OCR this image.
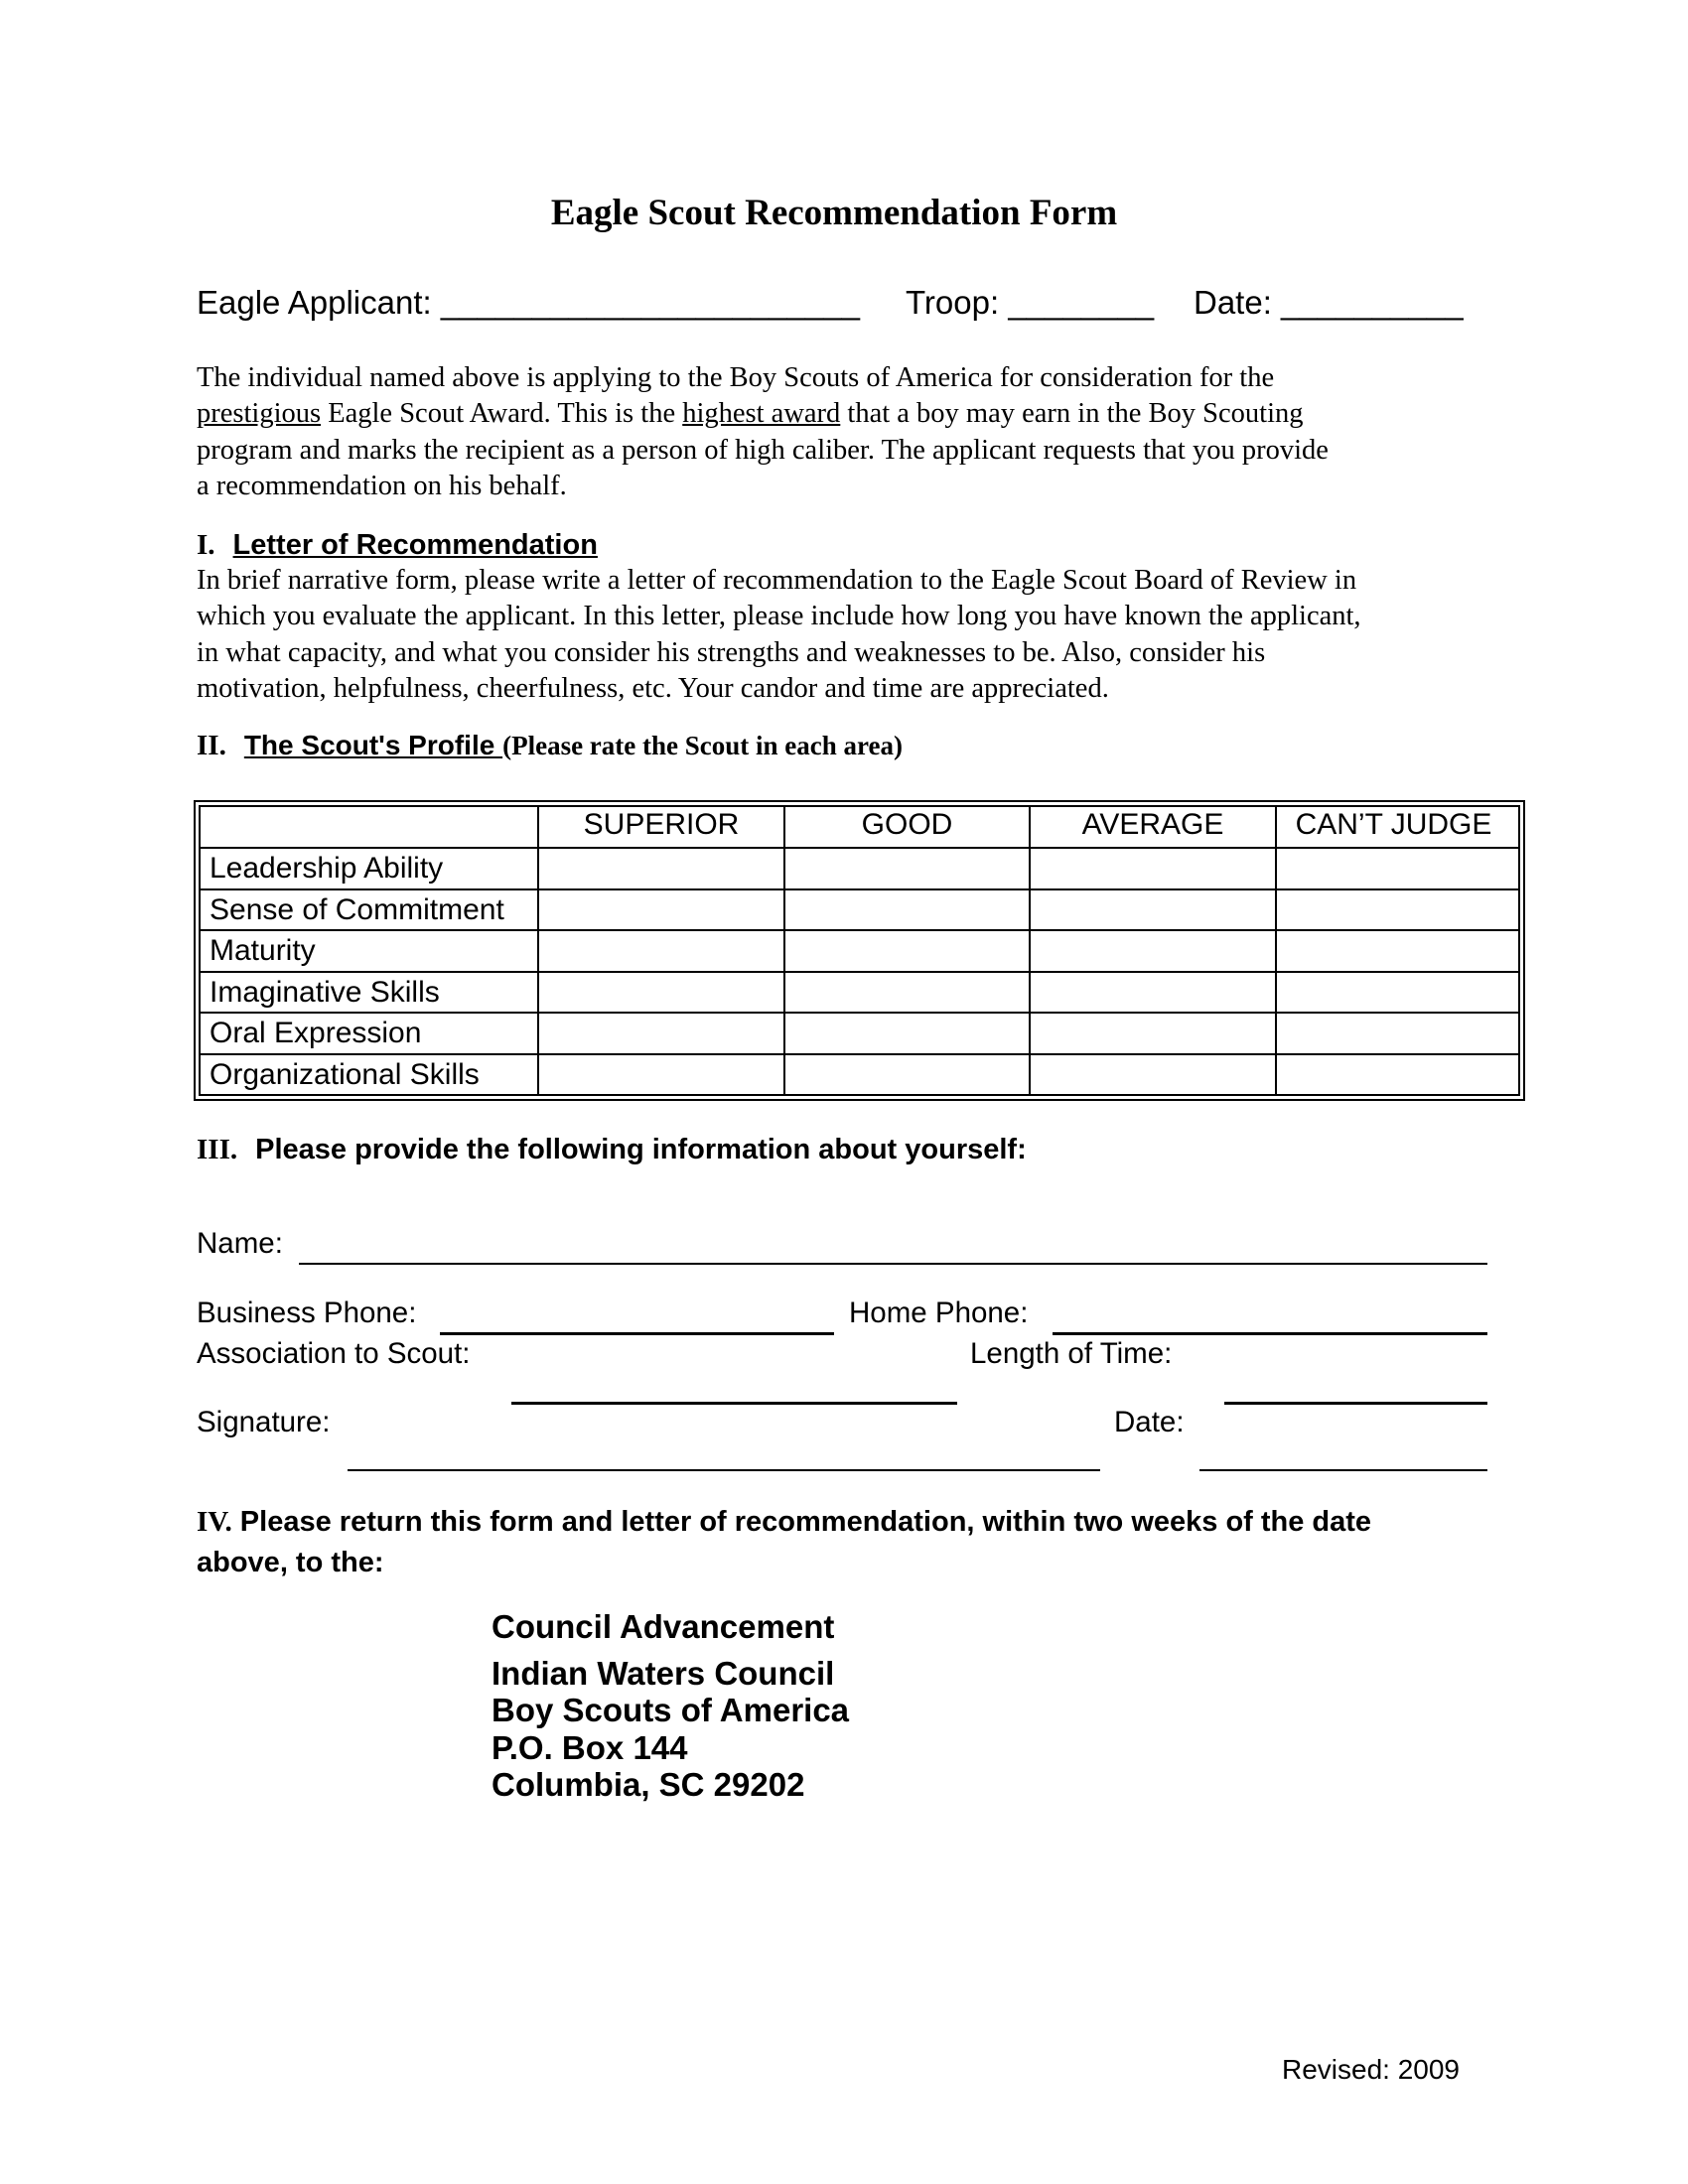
Eagle Scout Recommendation Form
Eagle Applicant: _______________________ Troop: ________ Date: __________
The individual named above is applying to the Boy Scouts of America for consideration for the
prestigious Eagle Scout Award. This is the highest award that a boy may earn in the Boy Scouting
program and marks the recipient as a person of high caliber. The applicant requests that you provide
a recommendation on his behalf.
I. Letter of Recommendation
In brief narrative form, please write a letter of recommendation to the Eagle Scout Board of Review in
which you evaluate the applicant. In this letter, please include how long you have known the applicant,
in what capacity, and what you consider his strengths and weaknesses to be. Also, consider his
motivation, helpfulness, cheerfulness, etc. Your candor and time are appreciated.
II. The Scout's Profile (Please rate the Scout in each area)
SUPERIOR	GOOD	AVERAGE	CAN’T JUDGE
Leadership Ability
Sense of Commitment
Maturity
Imaginative Skills
Oral Expression
Organizational Skills
III. Please provide the following information about yourself:
Name:
Business Phone:	Home Phone:
Association to Scout:	Length of Time:
Signature:	Date:
IV. Please return this form and letter of recommendation, within two weeks of the date
above, to the:
Council Advancement
Indian Waters Council
Boy Scouts of America
P.O. Box 144
Columbia, SC 29202
Revised: 2009
